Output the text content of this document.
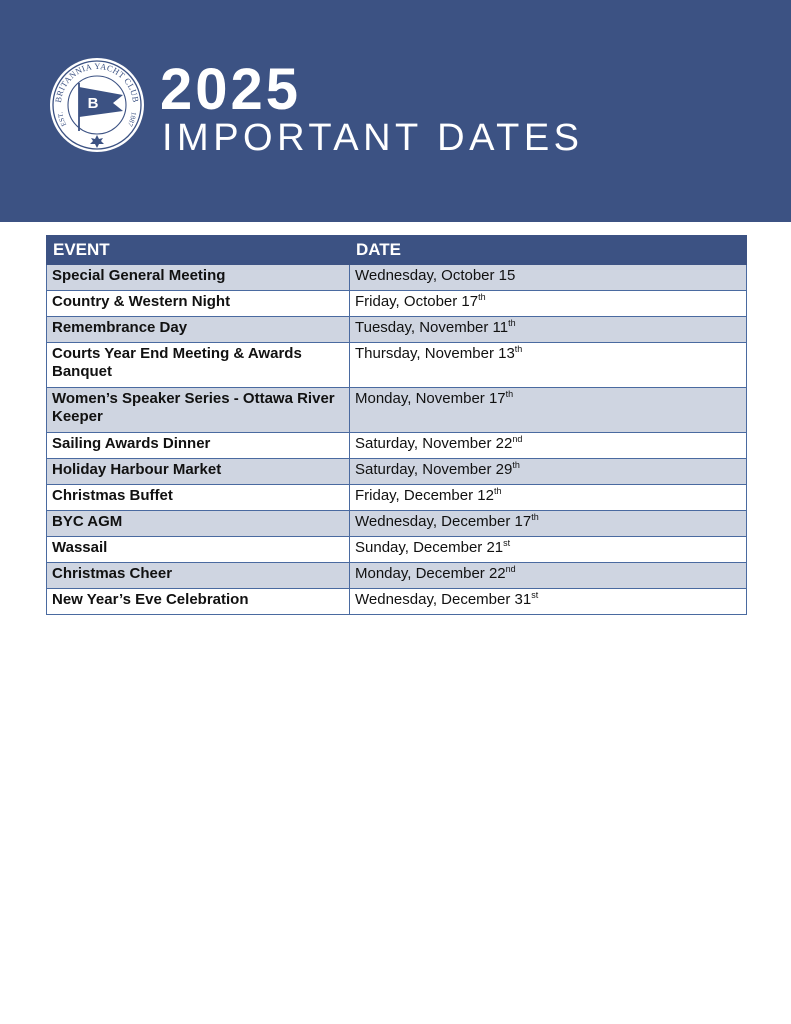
BRITANNIA YACHT CLUB
EST.	1887
B 2025
IMPORTANT DATES
EVENT	DATE
Special General Meeting	Wednesday, October 15
Country & Western Night	Friday, October 17th
Remembrance Day	Tuesday, November 11th
Courts Year End Meeting & Awards Banquet	Thursday, November 13th
Women’s Speaker Series - Ottawa River Keeper	Monday, November 17th
Sailing Awards Dinner	Saturday, November 22nd
Holiday Harbour Market	Saturday, November 29th
Christmas Buffet	Friday, December 12th
BYC AGM	Wednesday, December 17th
Wassail	Sunday, December 21st
Christmas Cheer	Monday, December 22nd
New Year’s Eve Celebration	Wednesday, December 31st
